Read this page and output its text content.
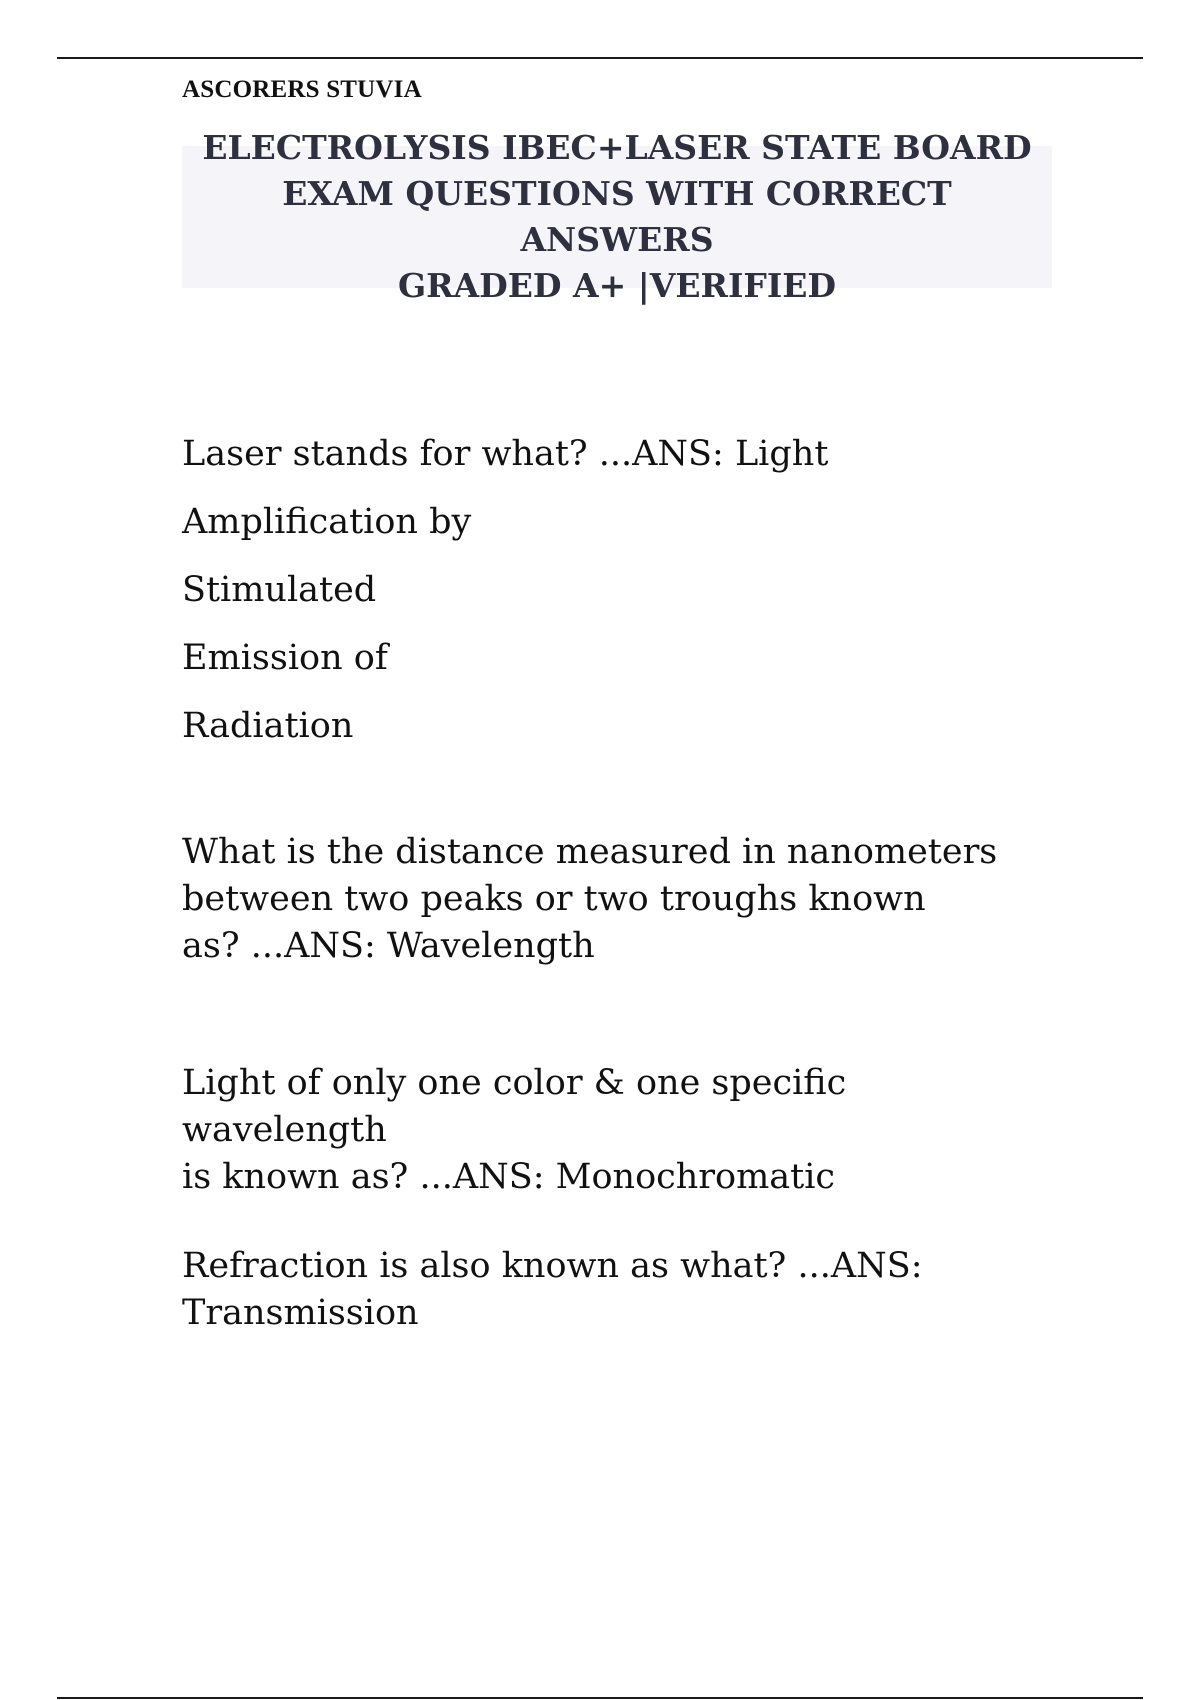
ASCORERS STUVIA
ELECTROLYSIS IBEC+LASER STATE BOARD
EXAM QUESTIONS WITH CORRECT ANSWERS
GRADED A+ |VERIFIED

Laser stands for what? ...ANS: Light
Amplification by
Stimulated
Emission of
Radiation

What is the distance measured in nanometers
between two peaks or two troughs known
as? ...ANS: Wavelength

Light of only one color & one specific wavelength
is known as? ...ANS: Monochromatic

Refraction is also known as what? ...ANS:
Transmission
